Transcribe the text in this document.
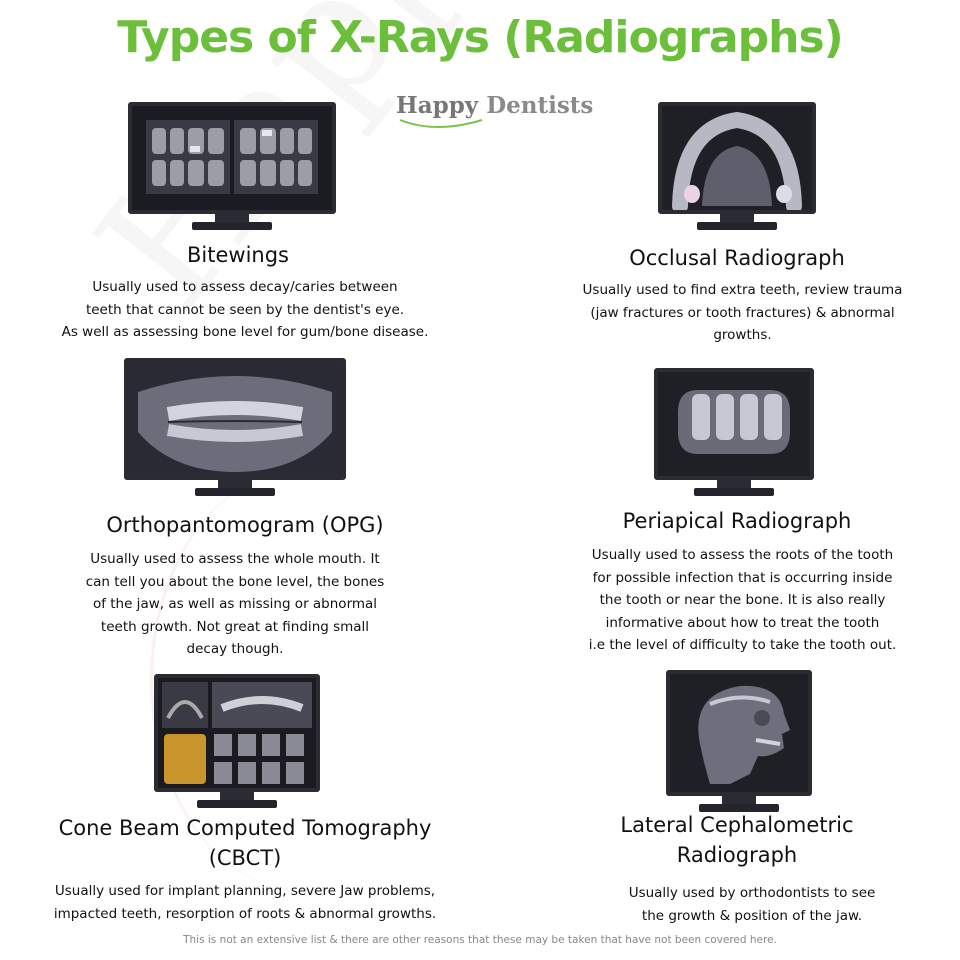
Types of X-Rays (Radiographs)
Happy Dentists
Bitewings
Usually used to assess decay/caries between
teeth that cannot be seen by the dentist's eye.
As well as assessing bone level for gum/bone disease.
Occlusal Radiograph
Usually used to find extra teeth, review trauma
(jaw fractures or tooth fractures) & abnormal
growths.
Orthopantomogram (OPG)
Usually used to assess the whole mouth. It
can tell you about the bone level, the bones
of the jaw, as well as missing or abnormal
teeth growth. Not great at finding small
decay though.
Periapical Radiograph
Usually used to assess the roots of the tooth
for possible infection that is occurring inside
the tooth or near the bone. It is also really
informative about how to treat the tooth
i.e the level of difficulty to take the tooth out.
Cone Beam Computed Tomography
(CBCT)
Usually used for implant planning, severe Jaw problems,
impacted teeth, resorption of roots & abnormal growths.
Lateral Cephalometric
Radiograph
Usually used by orthodontists to see
the growth & position of the jaw.
This is not an extensive list & there are other reasons that these may be taken that have not been covered here.
